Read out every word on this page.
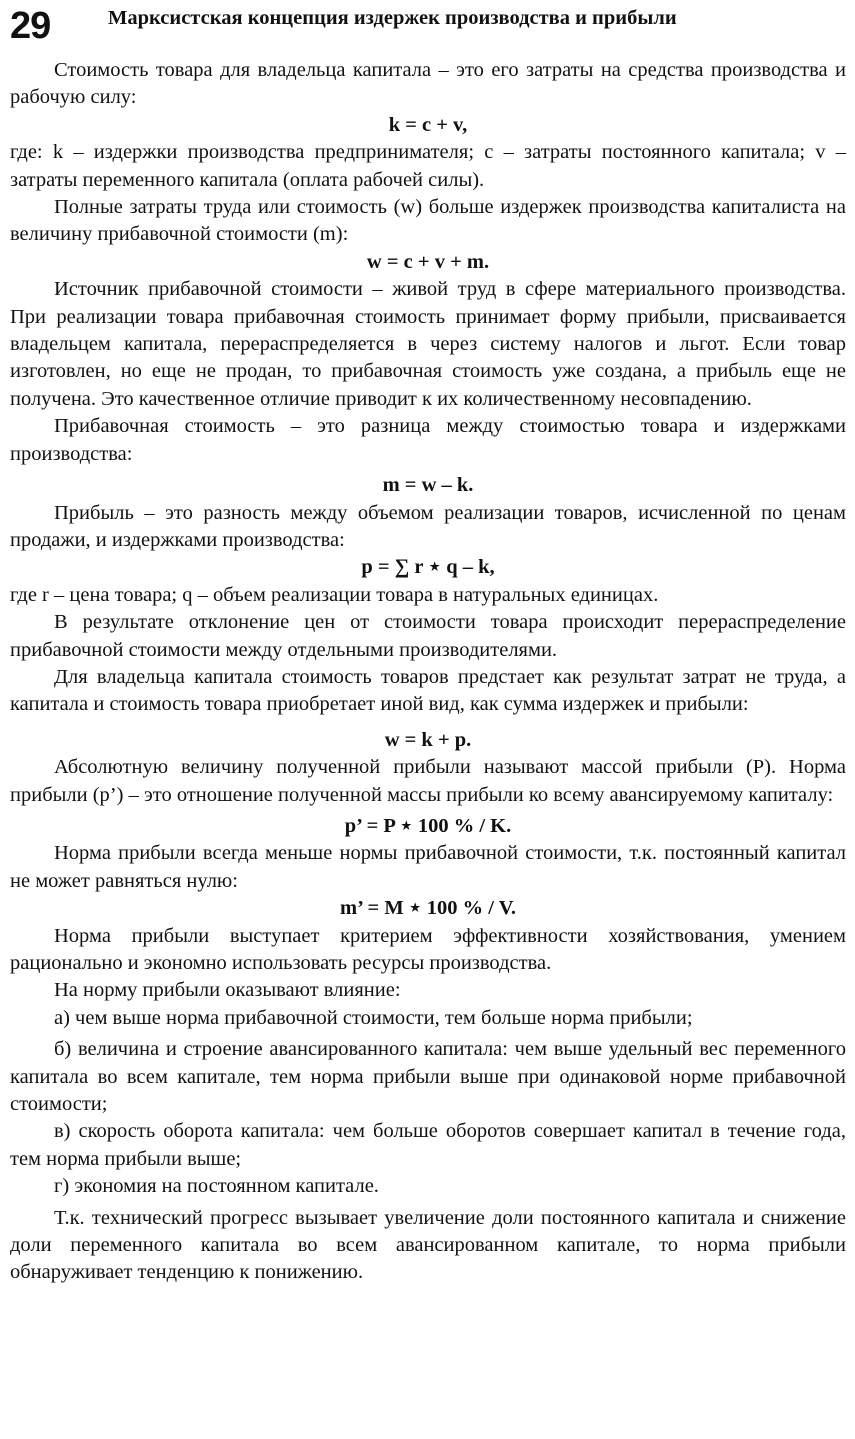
29	Марксистская концепция издержек производства и прибыли

Стоимость товара для владельца капитала – это его затраты на средства производства и рабочую силу:

k = c + v,

где: k – издержки производства предпринимателя; c – затраты постоянного капитала; v – затраты переменного капитала (оплата рабочей силы).

Полные затраты труда или стоимость (w) больше издержек производства капиталиста на величину прибавочной стоимости (m):

w = c + v + m.

Источник прибавочной стоимости – живой труд в сфере материального производства. При реализации товара прибавочная стоимость принимает форму прибыли, присваивается владельцем капитала, перераспределяется в через систему налогов и льгот. Если товар изготовлен, но еще не продан, то прибавочная стоимость уже создана, а прибыль еще не получена. Это качественное отличие приводит к их количественному несовпадению.

Прибавочная стоимость – это разница между стоимостью товара и издержками производства:

m = w – k.

Прибыль – это разность между объемом реализации товаров, исчисленной по ценам продажи, и издержками производства:

p = ∑ r ⋆ q – k,

где r – цена товара; q – объем реализации товара в натуральных единицах.

В результате отклонение цен от стоимости товара происходит перераспределение прибавочной стоимости между отдельными производителями.

Для владельца капитала стоимость товаров предстает как результат затрат не труда, а капитала и стоимость товара приобретает иной вид, как сумма издержек и прибыли:

w = k + p.

Абсолютную величину полученной прибыли называют массой прибыли (P). Норма прибыли (p’) – это отношение полученной массы прибыли ко всему авансируемому капиталу:

p’ = P ⋆ 100 % / K.

Норма прибыли всегда меньше нормы прибавочной стоимости, т.к. постоянный капитал не может равняться нулю:

m’ = M ⋆ 100 % / V.

Норма прибыли выступает критерием эффективности хозяйствования, умением рационально и экономно использовать ресурсы производства.

На норму прибыли оказывают влияние:

а) чем выше норма прибавочной стоимости, тем больше норма прибыли;

б) величина и строение авансированного капитала: чем выше удельный вес переменного капитала во всем капитале, тем норма прибыли выше при одинаковой норме прибавочной стоимости;

в) скорость оборота капитала: чем больше оборотов совершает капитал в течение года, тем норма прибыли выше;

г) экономия на постоянном капитале.

Т.к. технический прогресс вызывает увеличение доли постоянного капитала и снижение доли переменного капитала во всем авансированном капитале, то норма прибыли обнаруживает тенденцию к понижению.
